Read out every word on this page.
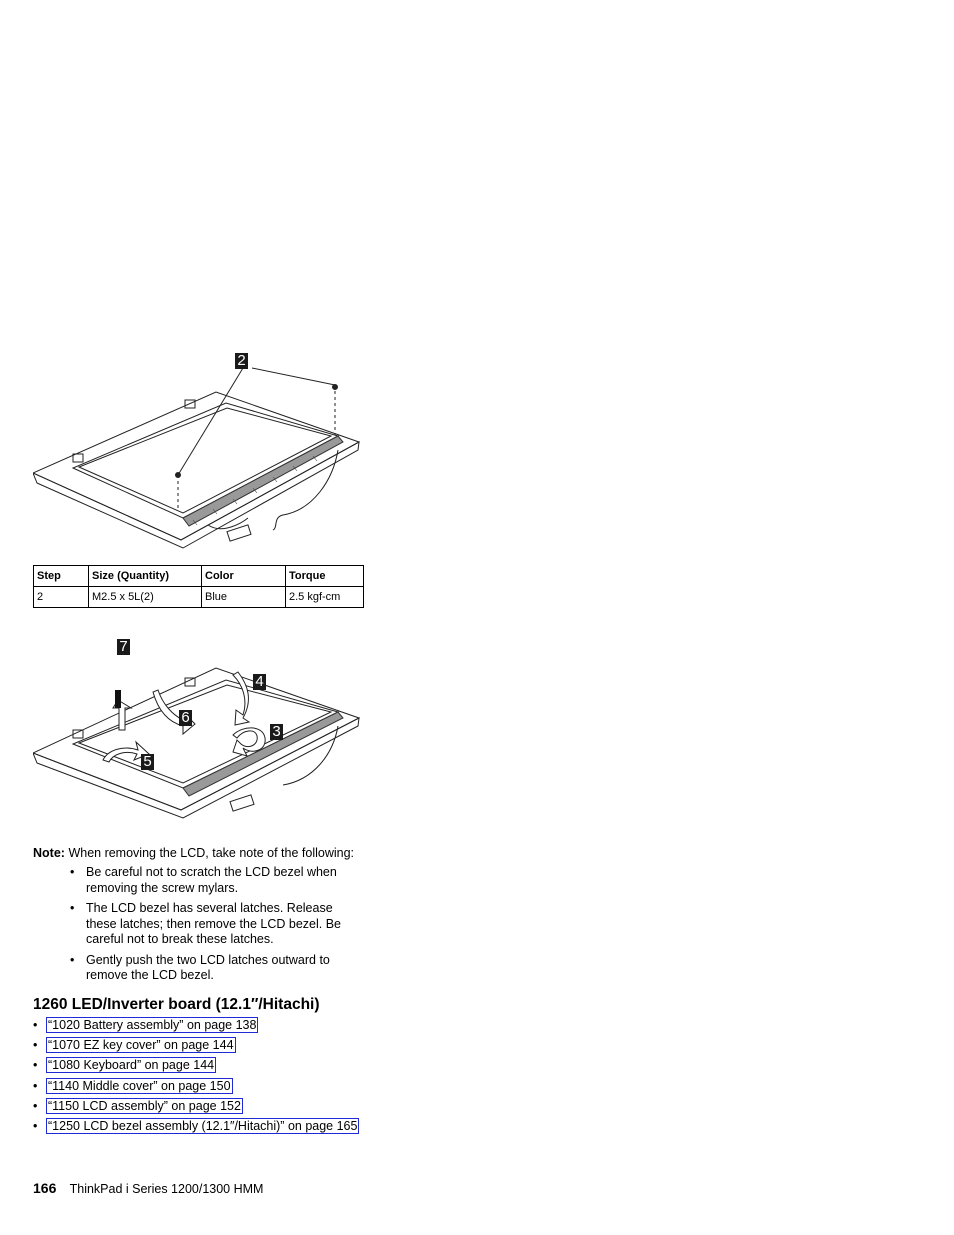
2
Step	Size (Quantity)	Color	Torque
2	M2.5 x 5L(2)	Blue	2.5 kgf-cm
7
4
6
3
5
Note: When removing the LCD, take note of the following:
• Be careful not to scratch the LCD bezel when removing the screw mylars.
• The LCD bezel has several latches. Release these latches; then remove the LCD bezel. Be careful not to break these latches.
• Gently push the two LCD latches outward to remove the LCD bezel.
1260 LED/Inverter board (12.1″/Hitachi)
• “1020 Battery assembly” on page 138
• “1070 EZ key cover” on page 144
• “1080 Keyboard” on page 144
• “1140 Middle cover” on page 150
• “1150 LCD assembly” on page 152
• “1250 LCD bezel assembly (12.1″/Hitachi)” on page 165
166 ThinkPad i Series 1200/1300 HMM
